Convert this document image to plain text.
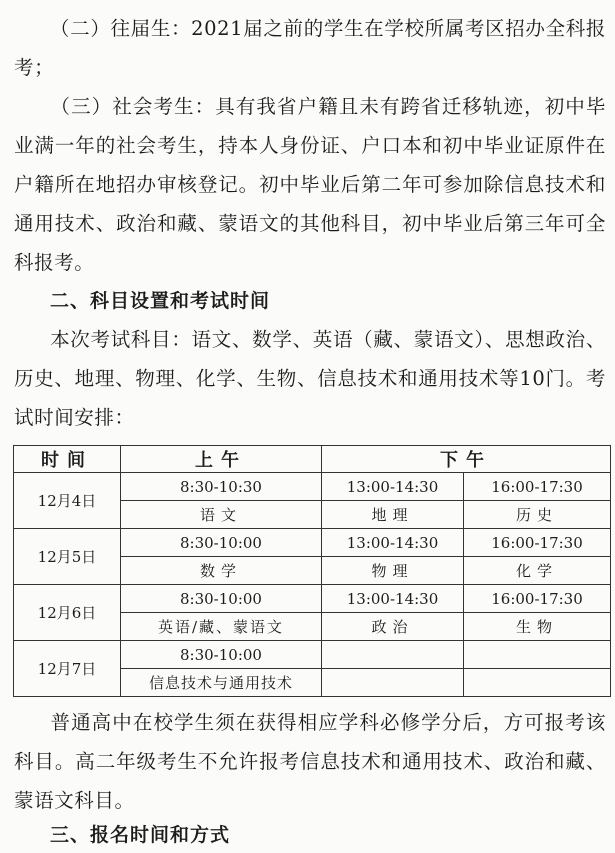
（二）往届生：2021届之前的学生在学校所属考区招办全科报考；

（三）社会考生：具有我省户籍且未有跨省迁移轨迹，初中毕业满一年的社会考生，持本人身份证、户口本和初中毕业证原件在户籍所在地招办审核登记。初中毕业后第二年可参加除信息技术和通用技术、政治和藏、蒙语文的其他科目，初中毕业后第三年可全科报考。

二、科目设置和考试时间

本次考试科目：语文、数学、英语（藏、蒙语文）、思想政治、历史、地理、物理、化学、生物、信息技术和通用技术等10门。考试时间安排：

时间	上午	下午	
12月4日	8:30-10:30	13:00-14:30	16:00-17:30
	语文	地理	历史
12月5日	8:30-10:00	13:00-14:30	16:00-17:30
	数学	物理	化学
12月6日	8:30-10:00	13:00-14:30	16:00-17:30
	英语/藏、蒙语文	政治	生物
12月7日	8:30-10:00		
	信息技术与通用技术		

普通高中在校学生须在获得相应学科必修学分后，方可报考该科目。高二年级考生不允许报考信息技术和通用技术、政治和藏、蒙语文科目。

三、报名时间和方式
